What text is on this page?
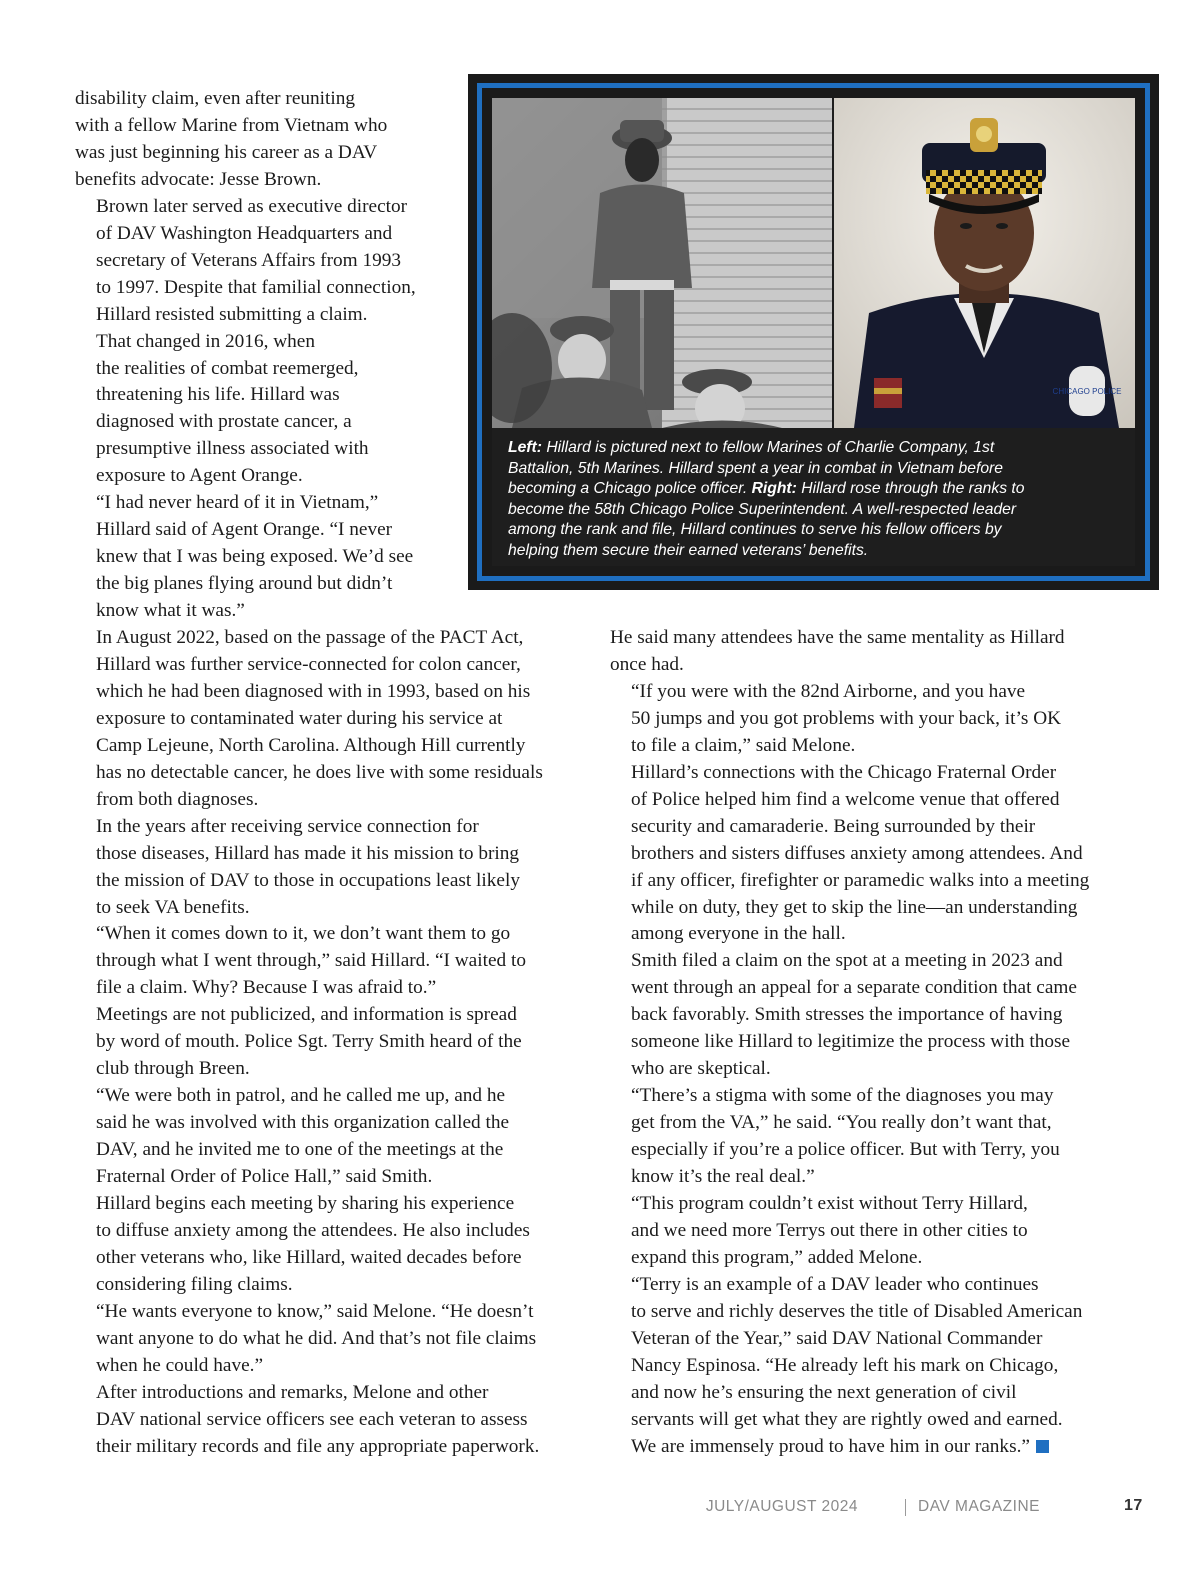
disability claim, even after reuniting
with a fellow Marine from Vietnam who
was just beginning his career as a DAV
benefits advocate: Jesse Brown.

Brown later served as executive director
of DAV Washington Headquarters and
secretary of Veterans Affairs from 1993
to 1997. Despite that familial connection,
Hillard resisted submitting a claim.

That changed in 2016, when
the realities of combat reemerged,
threatening his life. Hillard was
diagnosed with prostate cancer, a
presumptive illness associated with
exposure to Agent Orange.

“I had never heard of it in Vietnam,”
Hillard said of Agent Orange. “I never
knew that I was being exposed. We’d see
the big planes flying around but didn’t
know what it was.”

CHICAGO POLICE
Left: Hillard is pictured next to fellow Marines of Charlie Company, 1st
Battalion, 5th Marines. Hillard spent a year in combat in Vietnam before
becoming a Chicago police officer. Right: Hillard rose through the ranks to
become the 58th Chicago Police Superintendent. A well-respected leader
among the rank and file, Hillard continues to serve his fellow officers by
helping them secure their earned veterans’ benefits.

In August 2022, based on the passage of the PACT Act,
Hillard was further service-connected for colon cancer,
which he had been diagnosed with in 1993, based on his
exposure to contaminated water during his service at
Camp Lejeune, North Carolina. Although Hill currently
has no detectable cancer, he does live with some residuals
from both diagnoses.

In the years after receiving service connection for
those diseases, Hillard has made it his mission to bring
the mission of DAV to those in occupations least likely
to seek VA benefits.

“When it comes down to it, we don’t want them to go
through what I went through,” said Hillard. “I waited to
file a claim. Why? Because I was afraid to.”

Meetings are not publicized, and information is spread
by word of mouth. Police Sgt. Terry Smith heard of the
club through Breen.

“We were both in patrol, and he called me up, and he
said he was involved with this organization called the
DAV, and he invited me to one of the meetings at the
Fraternal Order of Police Hall,” said Smith.

Hillard begins each meeting by sharing his experience
to diffuse anxiety among the attendees. He also includes
other veterans who, like Hillard, waited decades before
considering filing claims.

“He wants everyone to know,” said Melone. “He doesn’t
want anyone to do what he did. And that’s not file claims
when he could have.”

After introductions and remarks, Melone and other
DAV national service officers see each veteran to assess
their military records and file any appropriate paperwork.

He said many attendees have the same mentality as Hillard
once had.

“If you were with the 82nd Airborne, and you have
50 jumps and you got problems with your back, it’s OK
to file a claim,” said Melone.

Hillard’s connections with the Chicago Fraternal Order
of Police helped him find a welcome venue that offered
security and camaraderie. Being surrounded by their
brothers and sisters diffuses anxiety among attendees. And
if any officer, firefighter or paramedic walks into a meeting
while on duty, they get to skip the line—an understanding
among everyone in the hall.

Smith filed a claim on the spot at a meeting in 2023 and
went through an appeal for a separate condition that came
back favorably. Smith stresses the importance of having
someone like Hillard to legitimize the process with those
who are skeptical.

“There’s a stigma with some of the diagnoses you may
get from the VA,” he said. “You really don’t want that,
especially if you’re a police officer. But with Terry, you
know it’s the real deal.”

“This program couldn’t exist without Terry Hillard,
and we need more Terrys out there in other cities to
expand this program,” added Melone.

“Terry is an example of a DAV leader who continues
to serve and richly deserves the title of Disabled American
Veteran of the Year,” said DAV National Commander
Nancy Espinosa. “He already left his mark on Chicago,
and now he’s ensuring the next generation of civil
servants will get what they are rightly owed and earned.
We are immensely proud to have him in our ranks.”

JULY/AUGUST 2024	DAV MAGAZINE	17
